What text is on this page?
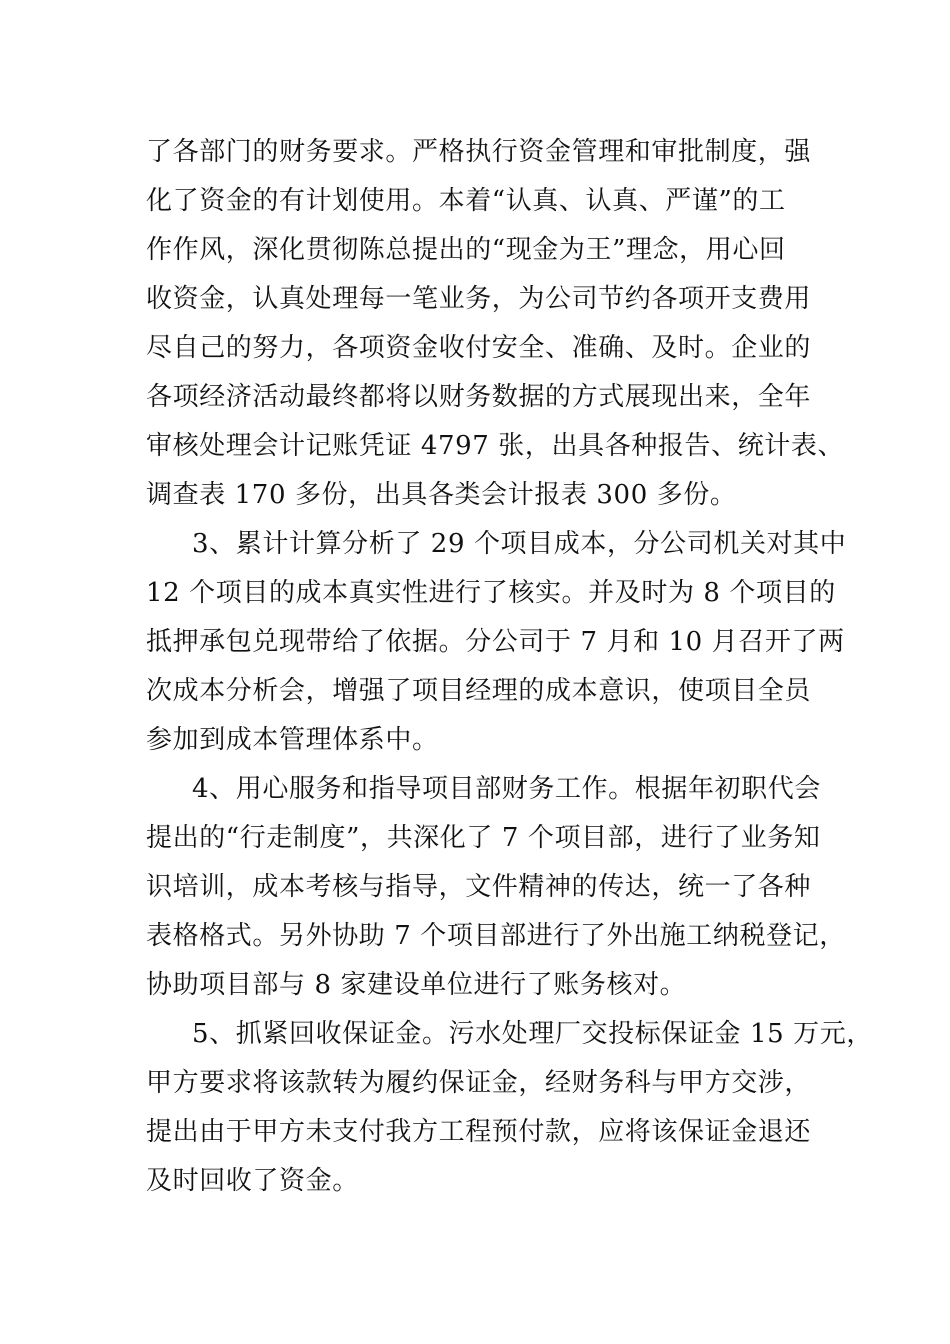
了各部门的财务要求。严格执行资金管理和审批制度，强
化了资金的有计划使用。本着“认真、认真、严谨”的工
作作风，深化贯彻陈总提出的“现金为王”理念，用心回
收资金，认真处理每一笔业务，为公司节约各项开支费用
尽自己的努力，各项资金收付安全、准确、及时。企业的
各项经济活动最终都将以财务数据的方式展现出来，全年
审核处理会计记账凭证 4797 张，出具各种报告、统计表、
调查表 170 多份，出具各类会计报表 300 多份。
3、累计计算分析了 29 个项目成本，分公司机关对其中
12 个项目的成本真实性进行了核实。并及时为 8 个项目的
抵押承包兑现带给了依据。分公司于 7 月和 10 月召开了两
次成本分析会，增强了项目经理的成本意识，使项目全员
参加到成本管理体系中。
4、用心服务和指导项目部财务工作。根据年初职代会
提出的“行走制度”，共深化了 7 个项目部，进行了业务知
识培训，成本考核与指导，文件精神的传达，统一了各种
表格格式。另外协助 7 个项目部进行了外出施工纳税登记，
协助项目部与 8 家建设单位进行了账务核对。
5、抓紧回收保证金。污水处理厂交投标保证金 15 万元，
甲方要求将该款转为履约保证金，经财务科与甲方交涉，
提出由于甲方未支付我方工程预付款，应将该保证金退还
及时回收了资金。
